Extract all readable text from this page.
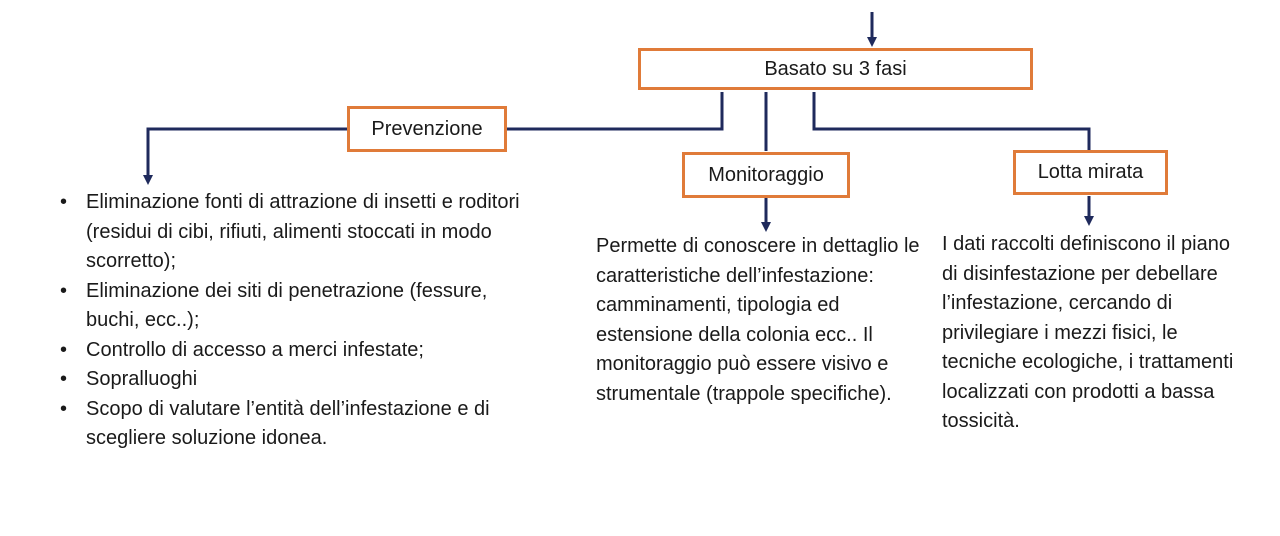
Basato su 3 fasi
Prevenzione
Monitoraggio	Lotta mirata
• Eliminazione fonti di attrazione di insetti e roditori (residui di cibi, rifiuti, alimenti stoccati in modo scorretto);
• Eliminazione dei siti di penetrazione (fessure, buchi, ecc..);
• Controllo di accesso a merci infestate;
• Sopralluoghi
• Scopo di valutare l’entità dell’infestazione e di scegliere soluzione idonea.

Permette di conoscere in dettaglio le caratteristiche dell’infestazione: camminamenti, tipologia ed estensione della colonia ecc.. Il monitoraggio può essere visivo e strumentale (trappole specifiche).

I dati raccolti definiscono il piano di disinfestazione per debellare l’infestazione, cercando di privilegiare i mezzi fisici, le tecniche ecologiche, i trattamenti localizzati con prodotti a bassa tossicità.
